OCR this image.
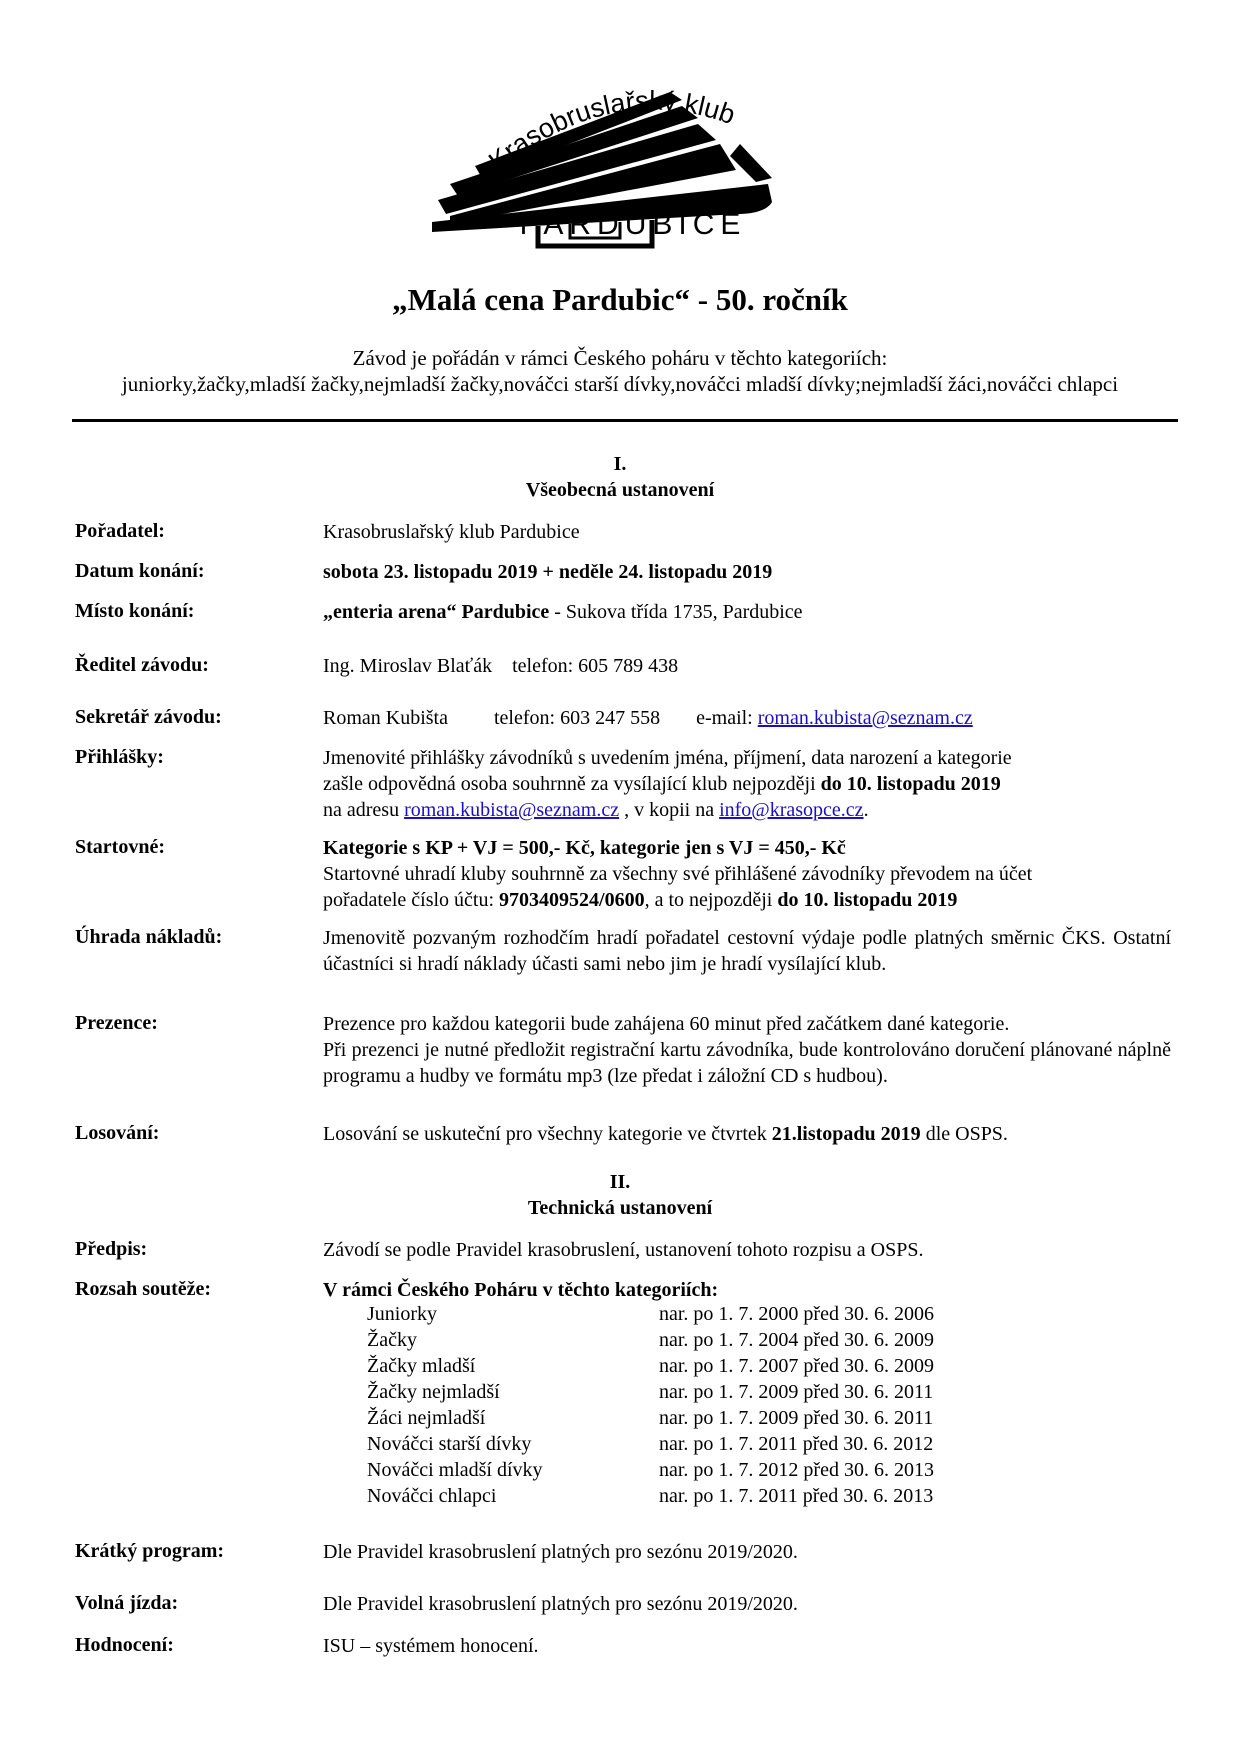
Krasobruslařský klub
PARDUBICE
„Malá cena Pardubic“ - 50. ročník
Závod je pořádán v rámci Českého poháru v těchto kategoriích:
juniorky,žačky,mladší žačky,nejmladší žačky,nováčci starší dívky,nováčci mladší dívky;nejmladší žáci,nováčci chlapci
I.
Všeobecná ustanovení
Pořadatel:	Krasobruslařský klub Pardubice
Datum konání:	sobota 23. listopadu 2019 + neděle 24. listopadu 2019
Místo konání:	„enteria arena“ Pardubice - Sukova třída 1735, Pardubice
Ředitel závodu:	Ing. Miroslav Blaťák telefon: 605 789 438
Sekretář závodu:	Roman Kubišta telefon: 603 247 558 e-mail: roman.kubista@seznam.cz
Přihlášky:	Jmenovité přihlášky závodníků s uvedením jména, příjmení, data narození a kategorie
zašle odpovědná osoba souhrnně za vysílající klub nejpozději do 10. listopadu 2019
na adresu roman.kubista@seznam.cz , v kopii na info@krasopce.cz.
Startovné:	Kategorie s KP + VJ = 500,- Kč, kategorie jen s VJ = 450,- Kč
Startovné uhradí kluby souhrnně za všechny své přihlášené závodníky převodem na účet
pořadatele číslo účtu: 9703409524/0600, a to nejpozději do 10. listopadu 2019
Úhrada nákladů:	Jmenovitě pozvaným rozhodčím hradí pořadatel cestovní výdaje podle platných směrnic ČKS. Ostatní účastníci si hradí náklady účasti sami nebo jim je hradí vysílající klub.
Prezence:	Prezence pro každou kategorii bude zahájena 60 minut před začátkem dané kategorie.
Při prezenci je nutné předložit registrační kartu závodníka, bude kontrolováno doručení plánované náplně programu a hudby ve formátu mp3 (lze předat i záložní CD s hudbou).
Losování:	Losování se uskuteční pro všechny kategorie ve čtvrtek 21.listopadu 2019 dle OSPS.
II.
Technická ustanovení
Předpis:	Závodí se podle Pravidel krasobruslení, ustanovení tohoto rozpisu a OSPS.
Rozsah soutěže:	V rámci Českého Poháru v těchto kategoriích:
Juniorky	nar. po 1. 7. 2000 před 30. 6. 2006
Žačky	nar. po 1. 7. 2004 před 30. 6. 2009
Žačky mladší	nar. po 1. 7. 2007 před 30. 6. 2009
Žačky nejmladší	nar. po 1. 7. 2009 před 30. 6. 2011
Žáci nejmladší	nar. po 1. 7. 2009 před 30. 6. 2011
Nováčci starší dívky	nar. po 1. 7. 2011 před 30. 6. 2012
Nováčci mladší dívky	nar. po 1. 7. 2012 před 30. 6. 2013
Nováčci chlapci	nar. po 1. 7. 2011 před 30. 6. 2013
Krátký program:	Dle Pravidel krasobruslení platných pro sezónu 2019/2020.
Volná jízda:	Dle Pravidel krasobruslení platných pro sezónu 2019/2020.
Hodnocení:	ISU – systémem honocení.
